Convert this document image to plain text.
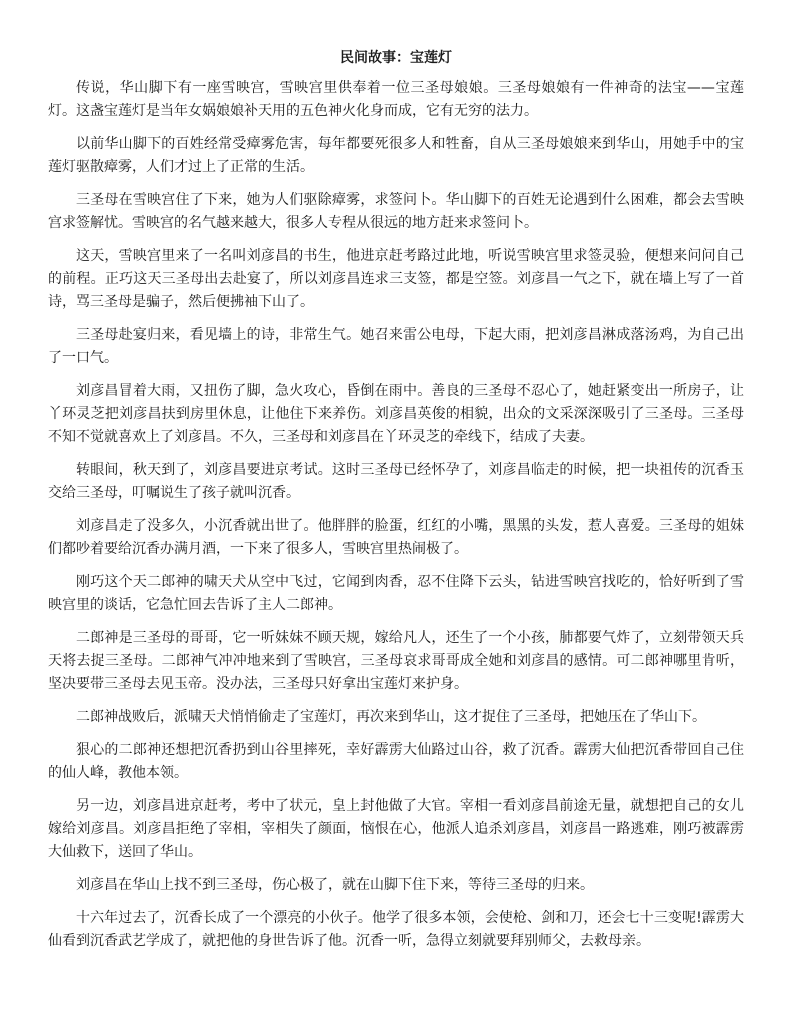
民间故事：宝莲灯

传说，华山脚下有一座雪映宫，雪映宫里供奉着一位三圣母娘娘。三圣母娘娘有一件神奇的法宝——宝莲灯。这盏宝莲灯是当年女娲娘娘补天用的五色神火化身而成，它有无穷的法力。

以前华山脚下的百姓经常受瘴雾危害，每年都要死很多人和牲畜，自从三圣母娘娘来到华山，用她手中的宝莲灯驱散瘴雾，人们才过上了正常的生活。

三圣母在雪映宫住了下来，她为人们驱除瘴雾，求签问卜。华山脚下的百姓无论遇到什么困难，都会去雪映宫求签解忧。雪映宫的名气越来越大，很多人专程从很远的地方赶来求签问卜。

这天，雪映宫里来了一名叫刘彦昌的书生，他进京赶考路过此地，听说雪映宫里求签灵验，便想来问问自己的前程。正巧这天三圣母出去赴宴了，所以刘彦昌连求三支签，都是空签。刘彦昌一气之下，就在墙上写了一首诗，骂三圣母是骗子，然后便拂袖下山了。

三圣母赴宴归来，看见墙上的诗，非常生气。她召来雷公电母，下起大雨，把刘彦昌淋成落汤鸡，为自己出了一口气。

刘彦昌冒着大雨，又扭伤了脚，急火攻心，昏倒在雨中。善良的三圣母不忍心了，她赶紧变出一所房子，让丫环灵芝把刘彦昌扶到房里休息，让他住下来养伤。刘彦昌英俊的相貌，出众的文采深深吸引了三圣母。三圣母不知不觉就喜欢上了刘彦昌。不久，三圣母和刘彦昌在丫环灵芝的牵线下，结成了夫妻。

转眼间，秋天到了，刘彦昌要进京考试。这时三圣母已经怀孕了，刘彦昌临走的时候，把一块祖传的沉香玉交给三圣母，叮嘱说生了孩子就叫沉香。

刘彦昌走了没多久，小沉香就出世了。他胖胖的脸蛋，红红的小嘴，黑黑的头发，惹人喜爱。三圣母的姐妹们都吵着要给沉香办满月酒，一下来了很多人，雪映宫里热闹极了。

刚巧这个天二郎神的啸天犬从空中飞过，它闻到肉香，忍不住降下云头，钻进雪映宫找吃的，恰好听到了雪映宫里的谈话，它急忙回去告诉了主人二郎神。

二郎神是三圣母的哥哥，它一听妹妹不顾天规，嫁给凡人，还生了一个小孩，肺都要气炸了，立刻带领天兵天将去捉三圣母。二郎神气冲冲地来到了雪映宫，三圣母哀求哥哥成全她和刘彦昌的感情。可二郎神哪里肯听，坚决要带三圣母去见玉帝。没办法，三圣母只好拿出宝莲灯来护身。

二郎神战败后，派啸天犬悄悄偷走了宝莲灯，再次来到华山，这才捉住了三圣母，把她压在了华山下。

狠心的二郎神还想把沉香扔到山谷里摔死，幸好霹雳大仙路过山谷，救了沉香。霹雳大仙把沉香带回自己住的仙人峰，教他本领。

另一边，刘彦昌进京赶考，考中了状元，皇上封他做了大官。宰相一看刘彦昌前途无量，就想把自己的女儿嫁给刘彦昌。刘彦昌拒绝了宰相，宰相失了颜面，恼恨在心，他派人追杀刘彦昌，刘彦昌一路逃难，刚巧被霹雳大仙救下，送回了华山。

刘彦昌在华山上找不到三圣母，伤心极了，就在山脚下住下来，等待三圣母的归来。

十六年过去了，沉香长成了一个漂亮的小伙子。他学了很多本领，会使枪、剑和刀，还会七十三变呢!霹雳大仙看到沉香武艺学成了，就把他的身世告诉了他。沉香一听，急得立刻就要拜别师父，去救母亲。
